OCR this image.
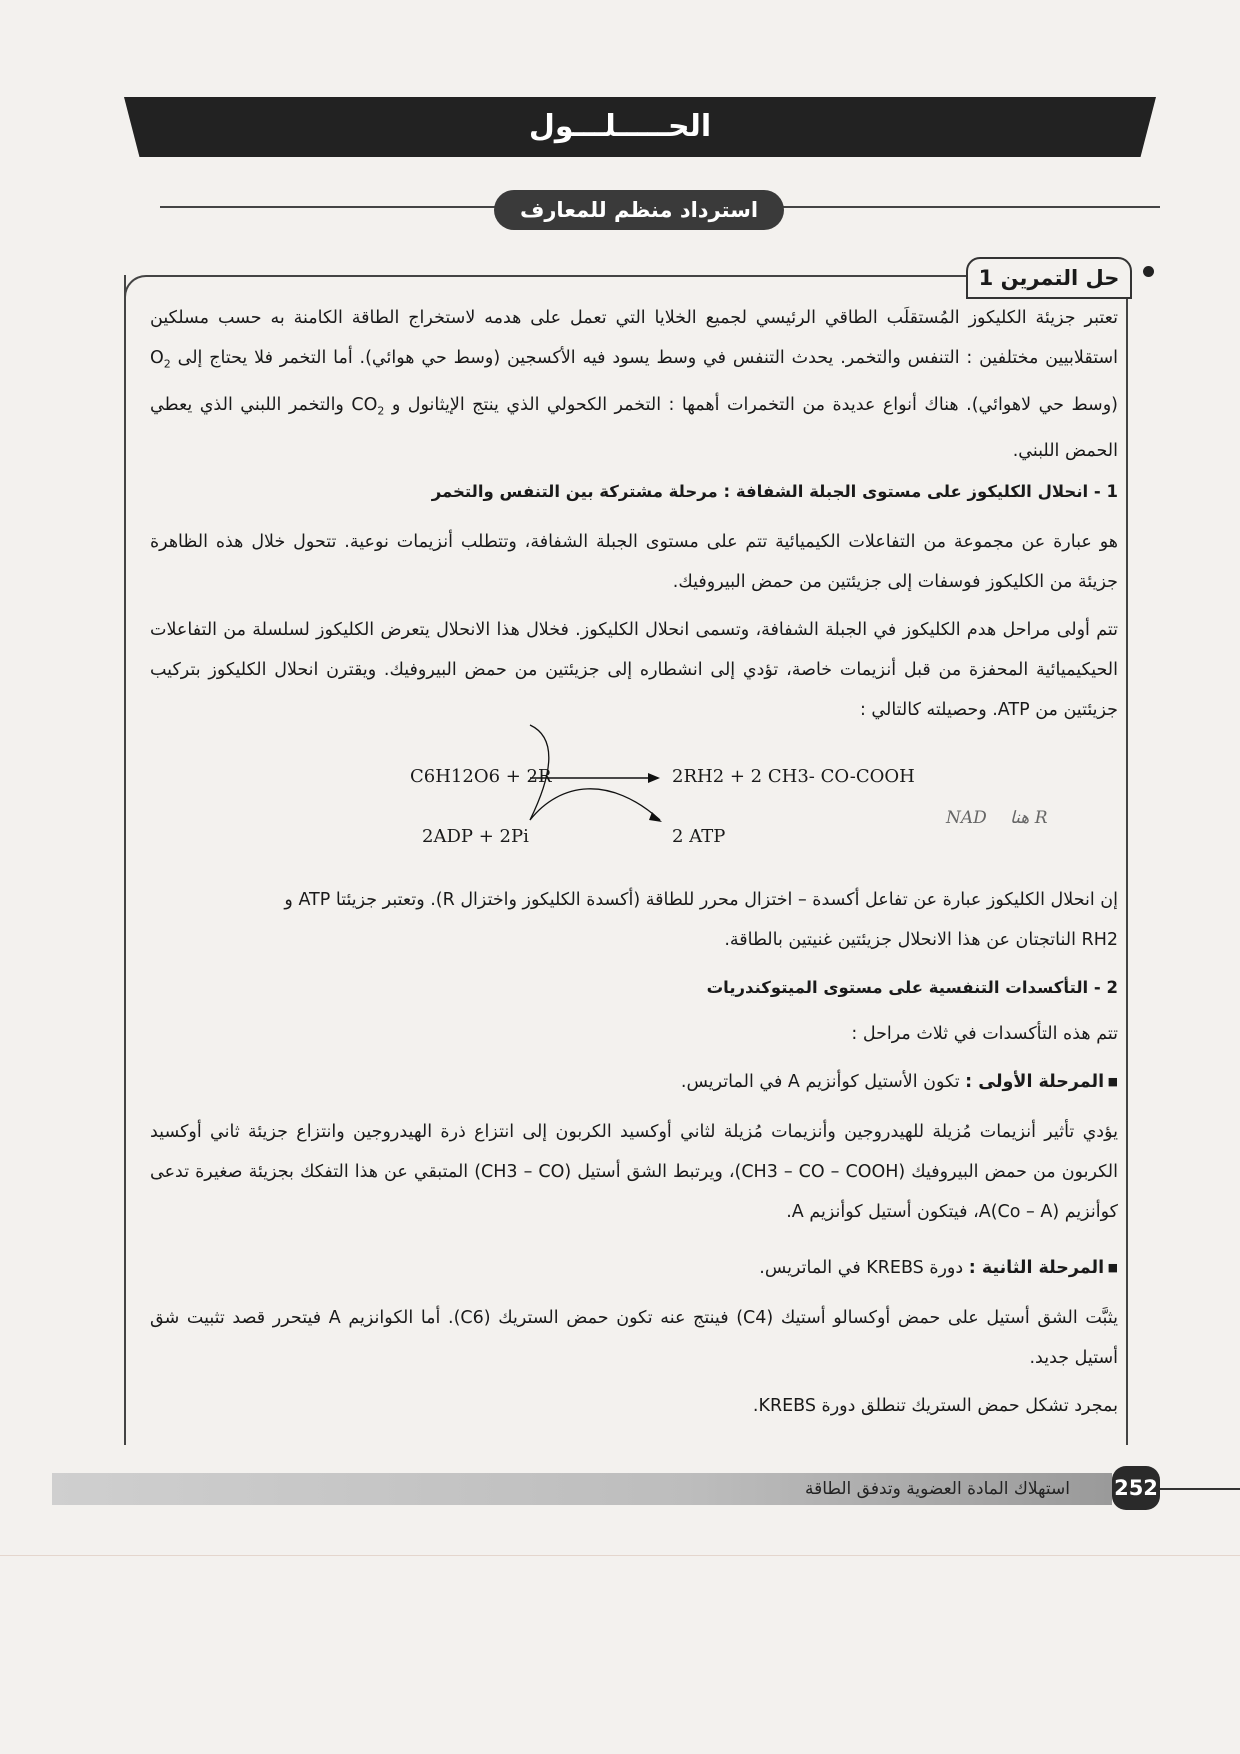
الحـــــلـــول
استرداد منظم للمعارف
حل التمرين 1
تعتبر جزيئة الكليكوز المُستقلَب الطاقي الرئيسي لجميع الخلايا التي تعمل على هدمه لاستخراج الطاقة الكامنة به حسب مسلكين استقلابيين مختلفين : التنفس والتخمر. يحدث التنفس في وسط يسود فيه الأكسجين (وسط حي هوائي). أما التخمر فلا يحتاج إلى $O_2$ (وسط حي لاهوائي). هناك أنواع عديدة من التخمرات أهمها : التخمر الكحولي الذي ينتج الإيثانول و $CO_2$ والتخمر اللبني الذي يعطي الحمض اللبني.
1 - انحلال الكليكوز على مستوى الجبلة الشفافة : مرحلة مشتركة بين التنفس والتخمر
هو عبارة عن مجموعة من التفاعلات الكيميائية تتم على مستوى الجبلة الشفافة، وتتطلب أنزيمات نوعية. تتحول خلال هذه الظاهرة جزيئة من الكليكوز فوسفات إلى جزيئتين من حمض البيروفيك.
تتم أولى مراحل هدم الكليكوز في الجبلة الشفافة، وتسمى انحلال الكليكوز. فخلال هذا الانحلال يتعرض الكليكوز لسلسلة من التفاعلات الحيكيميائية المحفزة من قبل أنزيمات خاصة، تؤدي إلى انشطاره إلى جزيئتين من حمض البيروفيك. ويقترن انحلال الكليكوز بتركيب جزيئتين من ATP. وحصيلته كالتالي :
C6H12O6 + 2R	2RH2 + 2 CH3- CO-COOH
2ADP + 2Pi	2 ATP
NAD R هنا
إن انحلال الكليكوز عبارة عن تفاعل أكسدة – اختزال محرر للطاقة (أكسدة الكليكوز واختزال R). وتعتبر جزيئتا ATP و
RH2 الناتجتان عن هذا الانحلال جزيئتين غنيتين بالطاقة.
2 - التأكسدات التنفسية على مستوى الميتوكندريات
تتم هذه التأكسدات في ثلاث مراحل :
■ المرحلة الأولى : تكون الأستيل كوأنزيم A في الماتريس.
يؤدي تأثير أنزيمات مُزيلة للهيدروجين وأنزيمات مُزيلة لثاني أوكسيد الكربون إلى انتزاع ذرة الهيدروجين وانتزاع جزيئة ثاني أوكسيد الكربون من حمض البيروفيك (CH3 – CO – COOH)، ويرتبط الشق أستيل (CH3 – CO) المتبقي عن هذا التفكك بجزيئة صغيرة تدعى كوأنزيم A(Co – A)، فيتكون أستيل كوأنزيم A.
■ المرحلة الثانية : دورة KREBS في الماتريس.
يثبَّت الشق أستيل على حمض أوكسالو أستيك (C4) فينتج عنه تكون حمض الستريك (C6). أما الكوانزيم A فيتحرر قصد تثبيت شق أستيل جديد.
بمجرد تشكل حمض الستريك تنطلق دورة KREBS.
استهلاك المادة العضوية وتدفق الطاقة 252
